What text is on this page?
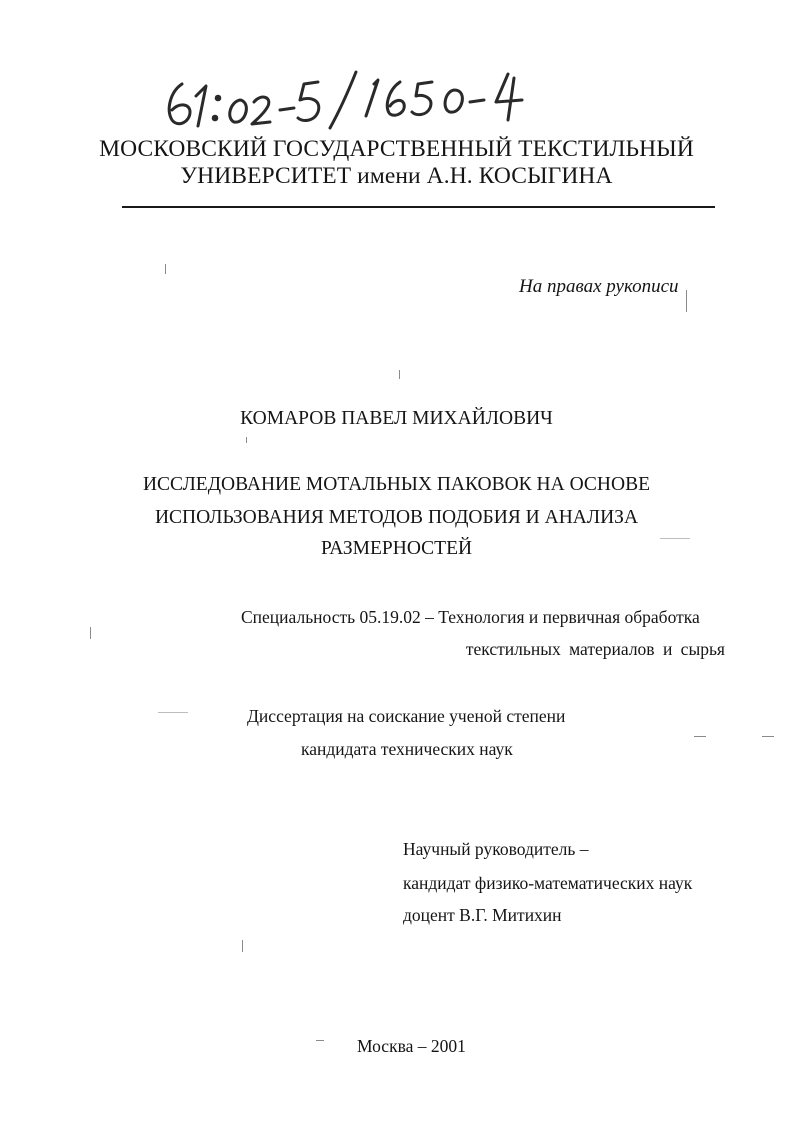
МОСКОВСКИЙ ГОСУДАРСТВЕННЫЙ ТЕКСТИЛЬНЫЙ
УНИВЕРСИТЕТ имени А.Н. КОСЫГИНА
На правах рукописи
КОМАРОВ ПАВЕЛ МИХАЙЛОВИЧ
ИССЛЕДОВАНИЕ МОТАЛЬНЫХ ПАКОВОК НА ОСНОВЕ
ИСПОЛЬЗОВАНИЯ МЕТОДОВ ПОДОБИЯ И АНАЛИЗА
РАЗМЕРНОСТЕЙ
Специальность 05.19.02 – Технология и первичная обработка
текстильных материалов и сырья
Диссертация на соискание ученой степени
кандидата технических наук
Научный руководитель –
кандидат физико-математических наук
доцент В.Г. Митихин
Москва – 2001
